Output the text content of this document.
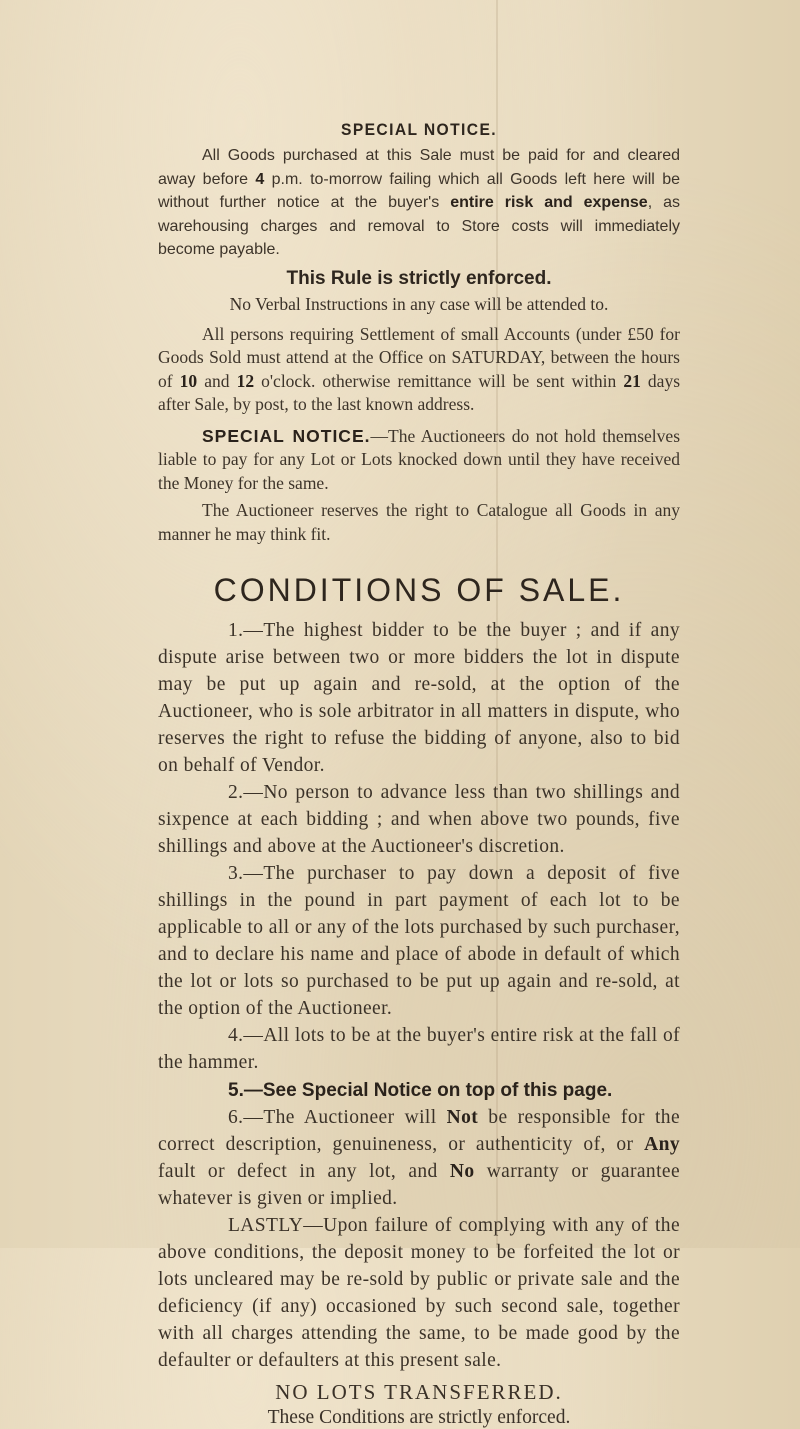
SPECIAL NOTICE.

All Goods purchased at this Sale must be paid for and cleared away before 4 p.m. to-morrow failing which all Goods left here will be without further notice at the buyer's entire risk and expense, as warehousing charges and removal to Store costs will immediately become payable.

This Rule is strictly enforced.
No Verbal Instructions in any case will be attended to.

All persons requiring Settlement of small Accounts (under £50 for Goods Sold must attend at the Office on SATURDAY, between the hours of 10 and 12 o'clock. otherwise remittance will be sent within 21 days after Sale, by post, to the last known address.

SPECIAL NOTICE.—The Auctioneers do not hold themselves liable to pay for any Lot or Lots knocked down until they have received the Money for the same.

The Auctioneer reserves the right to Catalogue all Goods in any manner he may think fit.

CONDITIONS OF SALE.

1.—The highest bidder to be the buyer ; and if any dispute arise between two or more bidders the lot in dispute may be put up again and re-sold, at the option of the Auctioneer, who is sole arbitrator in all matters in dispute, who reserves the right to refuse the bidding of anyone, also to bid on behalf of Vendor.

2.—No person to advance less than two shillings and sixpence at each bidding ; and when above two pounds, five shillings and above at the Auctioneer's discretion.

3.—The purchaser to pay down a deposit of five shillings in the pound in part payment of each lot to be applicable to all or any of the lots purchased by such purchaser, and to declare his name and place of abode in default of which the lot or lots so purchased to be put up again and re-sold, at the option of the Auctioneer.

4.—All lots to be at the buyer's entire risk at the fall of the hammer.

5.—See Special Notice on top of this page.

6.—The Auctioneer will Not be responsible for the correct description, genuineness, or authenticity of, or Any fault or defect in any lot, and No warranty or guarantee whatever is given or implied.

LASTLY—Upon failure of complying with any of the above conditions, the deposit money to be forfeited the lot or lots uncleared may be re-sold by public or private sale and the deficiency (if any) occasioned by such second sale, together with all charges attending the same, to be made good by the defaulter or defaulters at this present sale.

NO LOTS TRANSFERRED.
These Conditions are strictly enforced.
